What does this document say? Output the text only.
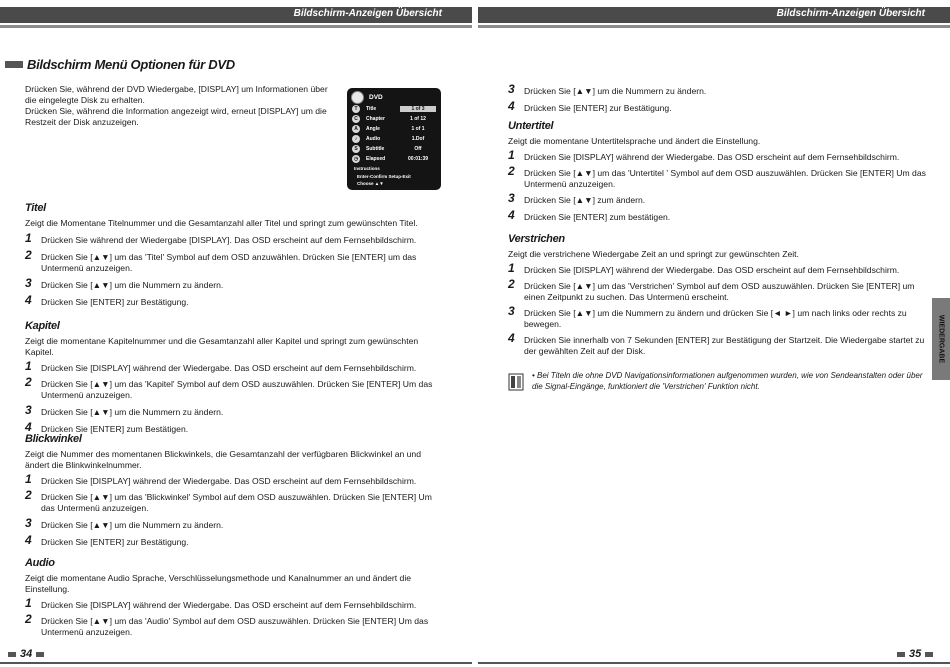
Bildschirm-Anzeigen Übersicht	Bildschirm-Anzeigen Übersicht
Bildschirm Menü Optionen für DVD

Drücken Sie, während der DVD Wiedergabe, [DISPLAY] um Informationen über die eingelegte Disk zu erhalten.

Drücken Sie, während die Information angezeigt wird, erneut [DISPLAY] um die Restzeit der Disk anzuzeigen.

DVD
T	Title	1 of 3
C	Chapter	1 of 12
A	Angle	1 of 1
♪	Audio	1.Dof
S	Subtitle	Off
◷	Elapsed	00:01:39
Instructions
Enter-Confirm Setup-Exit
Choose ▲▼

Titel

Zeigt die Momentane Titelnummer und die Gesamtanzahl aller Titel und springt zum gewünschten Titel.

1 Drücken Sie während der Wiedergabe [DISPLAY]. Das OSD erscheint auf dem Fernsehbildschirm.
2 Drücken Sie [▲▼] um das 'Titel' Symbol auf dem OSD anzuwählen. Drücken Sie [ENTER] um das Untermenü anzuzeigen.
3 Drücken Sie [▲▼] um die Nummern zu ändern.
4 Drücken Sie [ENTER] zur Bestätigung.

Kapitel

Zeigt die momentane Kapitelnummer und die Gesamtanzahl aller Kapitel und springt zum gewünschten Kapitel.

1 Drücken Sie [DISPLAY] während der Wiedergabe. Das OSD erscheint auf dem Fernsehbildschirm.
2 Drücken Sie [▲▼] um das 'Kapitel' Symbol auf dem OSD auszuwählen. Drücken Sie [ENTER] Um das Untermenü anzuzeigen.
3 Drücken Sie [▲▼] um die Nummern zu ändern.
4 Drücken Sie [ENTER] zum Bestätigen.

Blickwinkel

Zeigt die Nummer des momentanen Blickwinkels, die Gesamtanzahl der verfügbaren Blickwinkel an und ändert die Blinkwinkelnummer.

1 Drücken Sie [DISPLAY] während der Wiedergabe. Das OSD erscheint auf dem Fernsehbildschirm.
2 Drücken Sie [▲▼] um das 'Blickwinkel' Symbol auf dem OSD auszuwählen. Drücken Sie [ENTER] Um das Untermenü anzuzeigen.
3 Drücken Sie [▲▼] um die Nummern zu ändern.
4 Drücken Sie [ENTER] zur Bestätigung.

Audio

Zeigt die momentane Audio Sprache, Verschlüsselungsmethode und Kanalnummer an und ändert die Einstellung.

1 Drücken Sie [DISPLAY] während der Wiedergabe. Das OSD erscheint auf dem Fernsehbildschirm.
2 Drücken Sie [▲▼] um das 'Audio' Symbol auf dem OSD auszuwählen. Drücken Sie [ENTER] Um das Untermenü anzuzeigen.
3 Drücken Sie [▲▼] um die Nummern zu ändern.
4 Drücken Sie [ENTER] zur Bestätigung.

Untertitel

Zeigt die momentane Untertitelsprache und ändert die Einstellung.

1 Drücken Sie [DISPLAY] während der Wiedergabe. Das OSD erscheint auf dem Fernsehbildschirm.
2 Drücken Sie [▲▼] um das 'Untertitel ' Symbol auf dem OSD auszuwählen. Drücken Sie [ENTER] Um das Untermenü anzuzeigen.
3 Drücken Sie [▲▼] zum ändern.
4 Drücken Sie [ENTER] zum bestätigen.

Verstrichen

Zeigt die verstrichene Wiedergabe Zeit an und springt zur gewünschten Zeit.

1 Drücken Sie [DISPLAY] während der Wiedergabe. Das OSD erscheint auf dem Fernsehbildschirm.
2 Drücken Sie [▲▼] um das 'Verstrichen' Symbol auf dem OSD auszuwählen. Drücken Sie [ENTER] um einen Zeitpunkt zu suchen. Das Untermenü erscheint.
3 Drücken Sie [▲▼] um die Nummern zu ändern und drücken Sie [◄ ►] um nach links oder rechts zu bewegen.
4 Drücken Sie innerhalb von 7 Sekunden [ENTER] zur Bestätigung der Startzeit. Die Wiedergabe startet zu der gewählten Zeit auf der Disk.
• Bei Titeln die ohne DVD Navigationsinformationen aufgenommen wurden, wie von Sendeanstalten oder über die Signal-Eingänge, funktioniert die 'Verstrichen' Funktion nicht.
WIEDERGABE
34	35
